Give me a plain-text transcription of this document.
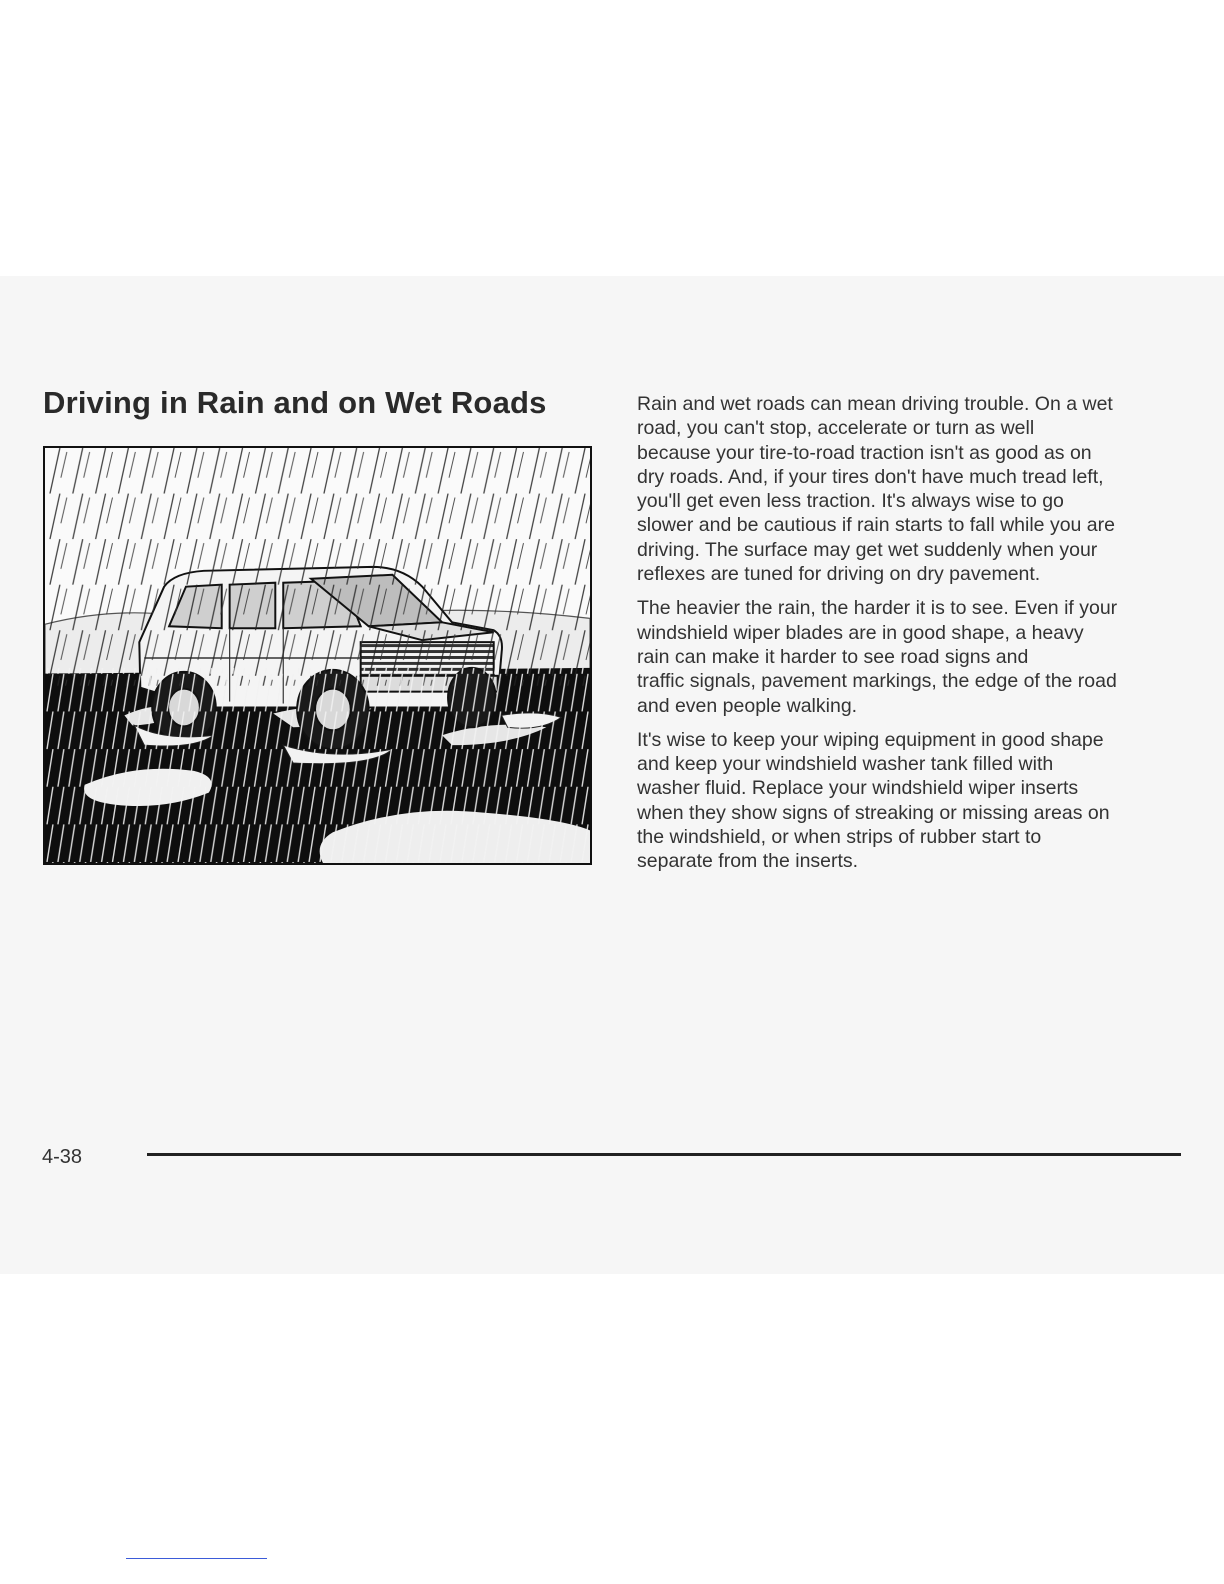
Driving in Rain and on Wet Roads	Rain and wet roads can mean driving trouble. On a wet
road, you can't stop, accelerate or turn as well
because your tire-to-road traction isn't as good as on
dry roads. And, if your tires don't have much tread left,
you'll get even less traction. It's always wise to go
slower and be cautious if rain starts to fall while you are
driving. The surface may get wet suddenly when your
reflexes are tuned for driving on dry pavement.

The heavier the rain, the harder it is to see. Even if your
windshield wiper blades are in good shape, a heavy
rain can make it harder to see road signs and
traffic signals, pavement markings, the edge of the road
and even people walking.

It's wise to keep your wiping equipment in good shape
and keep your windshield washer tank filled with
washer fluid. Replace your windshield wiper inserts
when they show signs of streaking or missing areas on
the windshield, or when strips of rubber start to
separate from the inserts.

4-38
